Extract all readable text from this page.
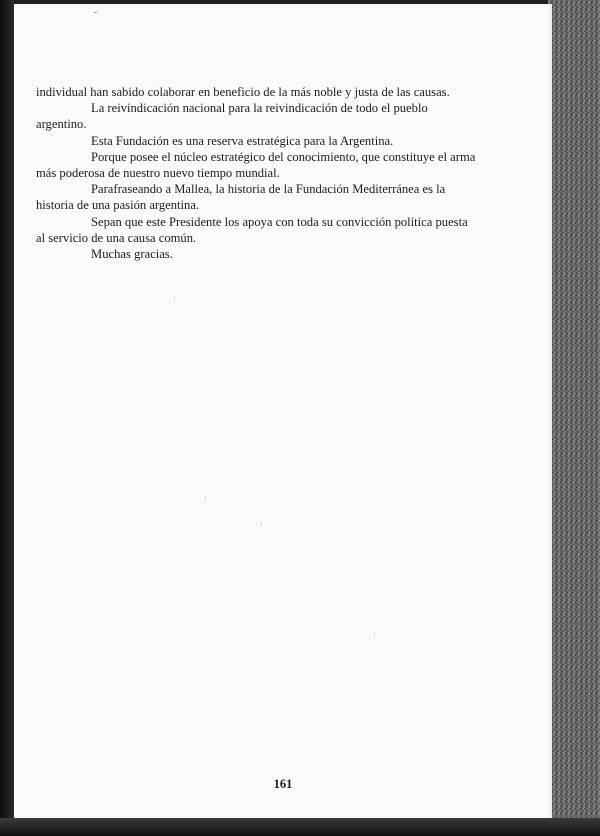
individual han sabido colaborar en beneficio de la más noble y justa de las causas.

La reivindicación nacional para la reivindicación de todo el pueblo argentino.

Esta Fundación es una reserva estratégica para la Argentina.

Porque posee el núcleo estratégico del conocimiento, que constituye el arma más poderosa de nuestro nuevo tiempo mundial.

Parafraseando a Mallea, la historia de la Fundación Mediterránea es la historia de una pasión argentina.

Sepan que este Presidente los apoya con toda su convicción política puesta al servicio de una causa común.

Muchas gracias.

161
